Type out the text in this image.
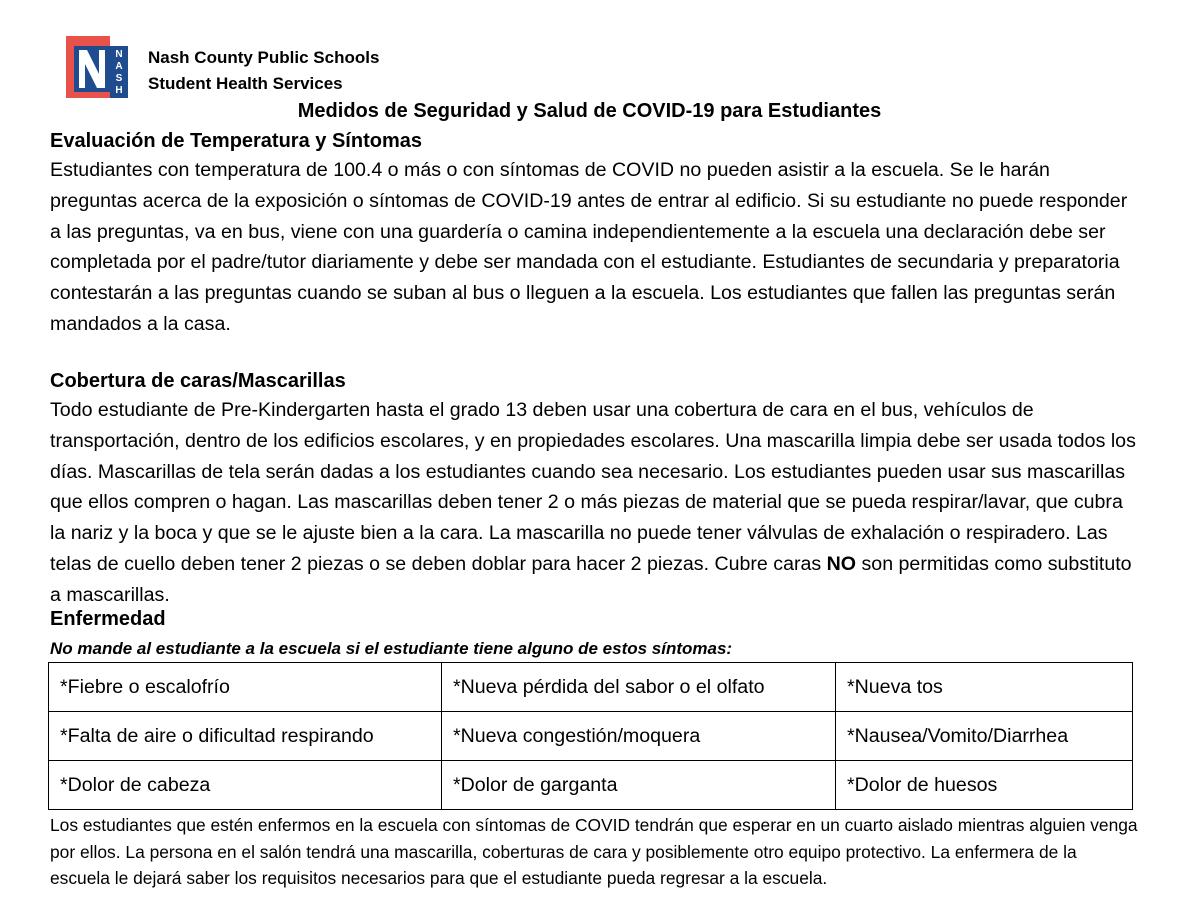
N
A
S
H
Nash County Public Schools
Student Health Services
Medidos de Seguridad y Salud de COVID-19 para Estudiantes
Evaluación de Temperatura y Síntomas
Estudiantes con temperatura de 100.4 o más o con síntomas de COVID no pueden asistir a la escuela. Se le harán preguntas acerca de la exposición o síntomas de COVID-19 antes de entrar al edificio. Si su estudiante no puede responder a las preguntas, va en bus, viene con una guardería o camina independientemente a la escuela una declaración debe ser completada por el padre/tutor diariamente y debe ser mandada con el estudiante. Estudiantes de secundaria y preparatoria contestarán a las preguntas cuando se suban al bus o lleguen a la escuela. Los estudiantes que fallen las preguntas serán mandados a la casa.
Cobertura de caras/Mascarillas
Todo estudiante de Pre-Kindergarten hasta el grado 13 deben usar una cobertura de cara en el bus, vehículos de transportación, dentro de los edificios escolares, y en propiedades escolares. Una mascarilla limpia debe ser usada todos los días. Mascarillas de tela serán dadas a los estudiantes cuando sea necesario. Los estudiantes pueden usar sus mascarillas que ellos compren o hagan. Las mascarillas deben tener 2 o más piezas de material que se pueda respirar/lavar, que cubra la nariz y la boca y que se le ajuste bien a la cara. La mascarilla no puede tener válvulas de exhalación o respiradero. Las telas de cuello deben tener 2 piezas o se deben doblar para hacer 2 piezas. Cubre caras NO son permitidas como substituto a mascarillas.
Enfermedad
No mande al estudiante a la escuela si el estudiante tiene alguno de estos síntomas:
*Fiebre o escalofrío	*Nueva pérdida del sabor o el olfato	*Nueva tos
*Falta de aire o dificultad respirando	*Nueva congestión/moquera	*Nausea/Vomito/Diarrhea
*Dolor de cabeza	*Dolor de garganta	*Dolor de huesos
Los estudiantes que estén enfermos en la escuela con síntomas de COVID tendrán que esperar en un cuarto aislado mientras alguien venga por ellos. La persona en el salón tendrá una mascarilla, coberturas de cara y posiblemente otro equipo protectivo. La enfermera de la escuela le dejará saber los requisitos necesarios para que el estudiante pueda regresar a la escuela.
